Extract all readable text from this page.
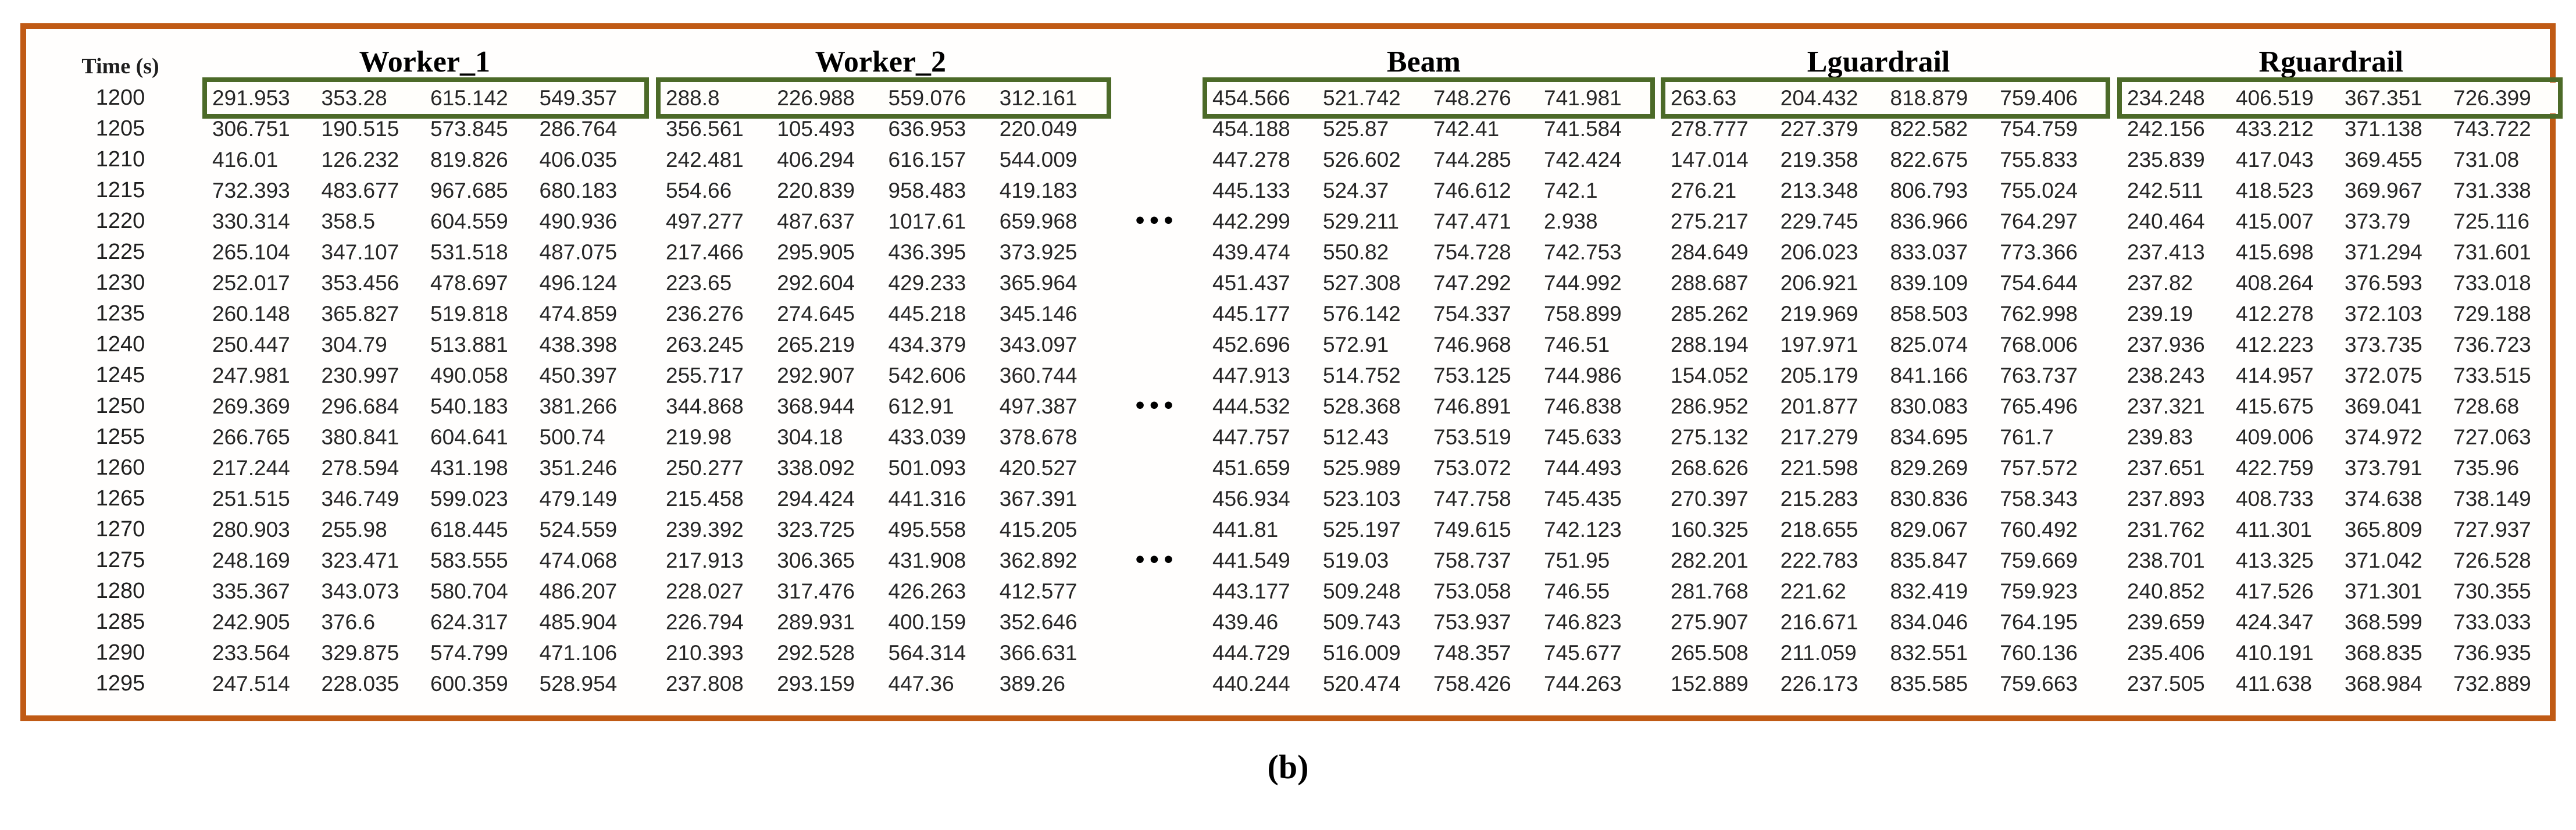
Time (s)	Worker_1	Worker_2	Beam	Lguardrail	Rguardrail
1200	291.953	353.28	615.142	549.357	288.8	226.988	559.076	312.161	454.566	521.742	748.276	741.981	263.63	204.432	818.879	759.406	234.248	406.519	367.351	726.399
1205	306.751	190.515	573.845	286.764	356.561	105.493	636.953	220.049	454.188	525.87	742.41	741.584	278.777	227.379	822.582	754.759	242.156	433.212	371.138	743.722
1210	416.01	126.232	819.826	406.035	242.481	406.294	616.157	544.009	447.278	526.602	744.285	742.424	147.014	219.358	822.675	755.833	235.839	417.043	369.455	731.08
1215	732.393	483.677	967.685	680.183	554.66	220.839	958.483	419.183	445.133	524.37	746.612	742.1	276.21	213.348	806.793	755.024	242.511	418.523	369.967	731.338
1220	330.314	358.5	604.559	490.936	497.277	487.637	1017.61	659.968	•••	442.299	529.211	747.471	2.938	275.217	229.745	836.966	764.297	240.464	415.007	373.79	725.116
1225	265.104	347.107	531.518	487.075	217.466	295.905	436.395	373.925	439.474	550.82	754.728	742.753	284.649	206.023	833.037	773.366	237.413	415.698	371.294	731.601
1230	252.017	353.456	478.697	496.124	223.65	292.604	429.233	365.964	451.437	527.308	747.292	744.992	288.687	206.921	839.109	754.644	237.82	408.264	376.593	733.018
1235	260.148	365.827	519.818	474.859	236.276	274.645	445.218	345.146	445.177	576.142	754.337	758.899	285.262	219.969	858.503	762.998	239.19	412.278	372.103	729.188
1240	250.447	304.79	513.881	438.398	263.245	265.219	434.379	343.097	452.696	572.91	746.968	746.51	288.194	197.971	825.074	768.006	237.936	412.223	373.735	736.723
1245	247.981	230.997	490.058	450.397	255.717	292.907	542.606	360.744	447.913	514.752	753.125	744.986	154.052	205.179	841.166	763.737	238.243	414.957	372.075	733.515
1250	269.369	296.684	540.183	381.266	344.868	368.944	612.91	497.387	•••	444.532	528.368	746.891	746.838	286.952	201.877	830.083	765.496	237.321	415.675	369.041	728.68
1255	266.765	380.841	604.641	500.74	219.98	304.18	433.039	378.678	447.757	512.43	753.519	745.633	275.132	217.279	834.695	761.7	239.83	409.006	374.972	727.063
1260	217.244	278.594	431.198	351.246	250.277	338.092	501.093	420.527	451.659	525.989	753.072	744.493	268.626	221.598	829.269	757.572	237.651	422.759	373.791	735.96
1265	251.515	346.749	599.023	479.149	215.458	294.424	441.316	367.391	456.934	523.103	747.758	745.435	270.397	215.283	830.836	758.343	237.893	408.733	374.638	738.149
1270	280.903	255.98	618.445	524.559	239.392	323.725	495.558	415.205	441.81	525.197	749.615	742.123	160.325	218.655	829.067	760.492	231.762	411.301	365.809	727.937
1275	248.169	323.471	583.555	474.068	217.913	306.365	431.908	362.892	•••	441.549	519.03	758.737	751.95	282.201	222.783	835.847	759.669	238.701	413.325	371.042	726.528
1280	335.367	343.073	580.704	486.207	228.027	317.476	426.263	412.577	443.177	509.248	753.058	746.55	281.768	221.62	832.419	759.923	240.852	417.526	371.301	730.355
1285	242.905	376.6	624.317	485.904	226.794	289.931	400.159	352.646	439.46	509.743	753.937	746.823	275.907	216.671	834.046	764.195	239.659	424.347	368.599	733.033
1290	233.564	329.875	574.799	471.106	210.393	292.528	564.314	366.631	444.729	516.009	748.357	745.677	265.508	211.059	832.551	760.136	235.406	410.191	368.835	736.935
1295	247.514	228.035	600.359	528.954	237.808	293.159	447.36	389.26	440.244	520.474	758.426	744.263	152.889	226.173	835.585	759.663	237.505	411.638	368.984	732.889
(b)
